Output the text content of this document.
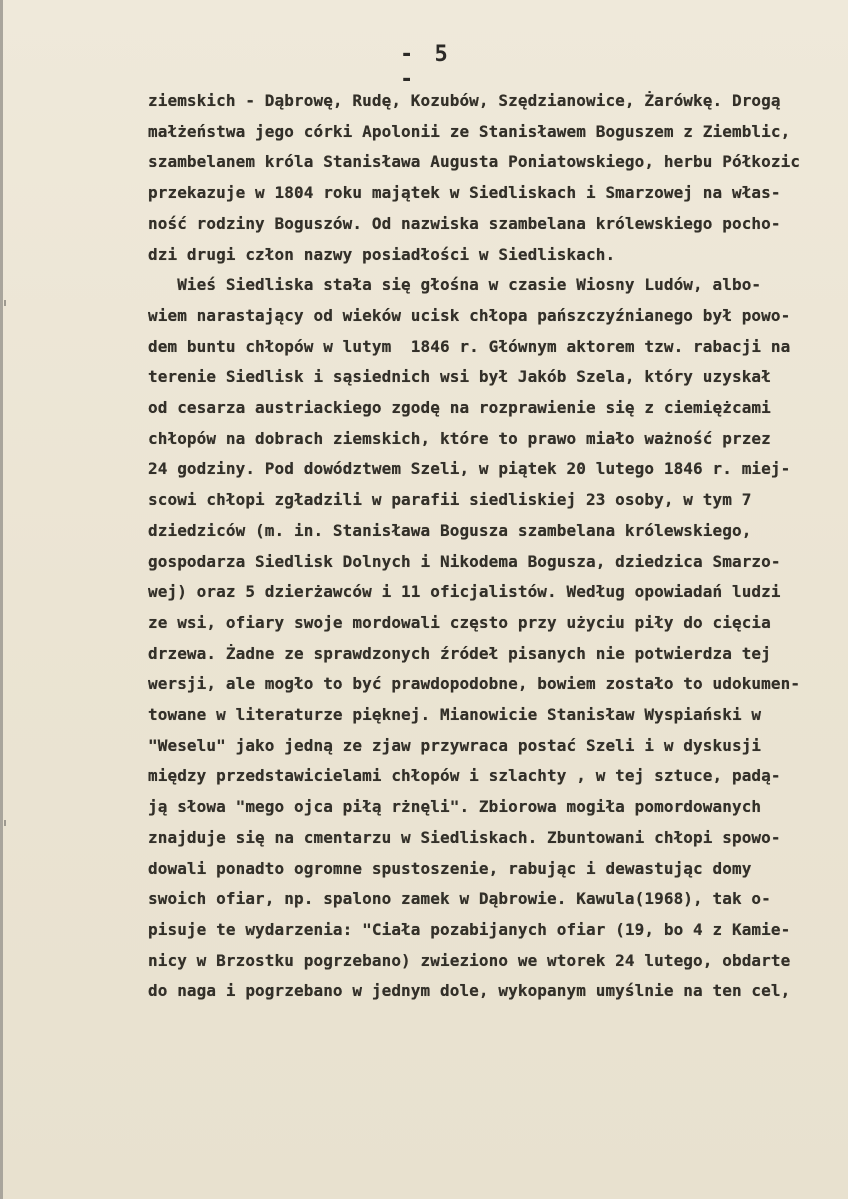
- 5 -
ziemskich - Dąbrowę, Rudę, Kozubów, Szędzianowice, Żarówkę. Drogą
małżeństwa jego córki Apolonii ze Stanisławem Boguszem z Ziemblic,
szambelanem króla Stanisława Augusta Poniatowskiego, herbu Półkozic
przekazuje w 1804 roku majątek w Siedliskach i Smarzowej na włas-
ność rodziny Boguszów. Od nazwiska szambelana królewskiego pocho-
dzi drugi człon nazwy posiadłości w Siedliskach.
Wieś Siedliska stała się głośna w czasie Wiosny Ludów, albo-
wiem narastający od wieków ucisk chłopa pańszczyźnianego był powo-
dem buntu chłopów w lutym  1846 r. Głównym aktorem tzw. rabacji na
terenie Siedlisk i sąsiednich wsi był Jakób Szela, który uzyskał
od cesarza austriackiego zgodę na rozprawienie się z ciemiężcami
chłopów na dobrach ziemskich, które to prawo miało ważność przez
24 godziny. Pod dowództwem Szeli, w piątek 20 lutego 1846 r. miej-
scowi chłopi zgładzili w parafii siedliskiej 23 osoby, w tym 7
dziedziców (m. in. Stanisława Bogusza szambelana królewskiego,
gospodarza Siedlisk Dolnych i Nikodema Bogusza, dziedzica Smarzo-
wej) oraz 5 dzierżawców i 11 oficjalistów. Według opowiadań ludzi
ze wsi, ofiary swoje mordowali często przy użyciu piły do cięcia
drzewa. Żadne ze sprawdzonych źródeł pisanych nie potwierdza tej
wersji, ale mogło to być prawdopodobne, bowiem zostało to udokumen-
towane w literaturze pięknej. Mianowicie Stanisław Wyspiański w
"Weselu" jako jedną ze zjaw przywraca postać Szeli i w dyskusji
między przedstawicielami chłopów i szlachty , w tej sztuce, padą-
ją słowa "mego ojca piłą rżnęli". Zbiorowa mogiła pomordowanych
znajduje się na cmentarzu w Siedliskach. Zbuntowani chłopi spowo-
dowali ponadto ogromne spustoszenie, rabując i dewastując domy
swoich ofiar, np. spalono zamek w Dąbrowie. Kawula(1968), tak o-
pisuje te wydarzenia: "Ciała pozabijanych ofiar (19, bo 4 z Kamie-
nicy w Brzostku pogrzebano) zwieziono we wtorek 24 lutego, obdarte
do naga i pogrzebano w jednym dole, wykopanym umyślnie na ten cel,
